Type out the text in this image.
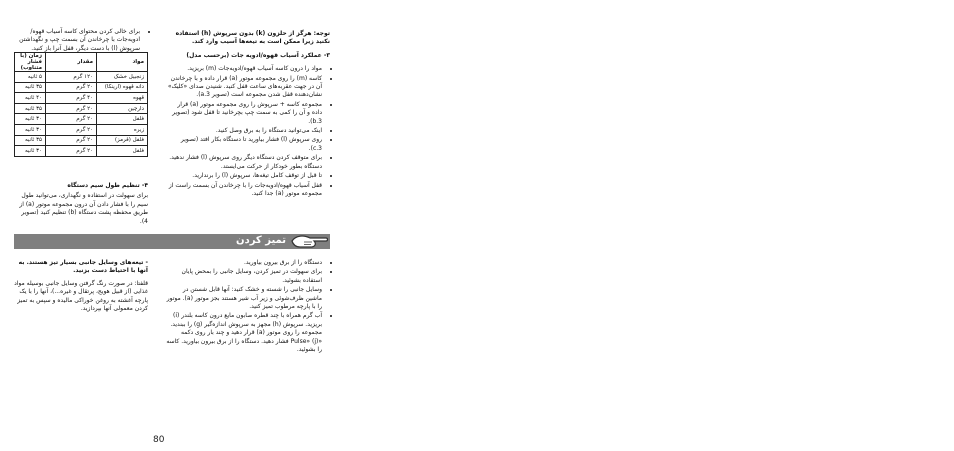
توجه: هرگز از حلزون (k) بدون سرپوش (h) استفاده نکنید زیرا ممکن است به تیغه‌ها آسیب وارد کند.

۳- عملکرد آسیاب قهوه/ادویه جات (برحسب مدل)

• مواد را درون کاسه آسیاب قهوه/ادویه‌جات (m) بریزید.
• کاسه (m) را روی مجموعه موتور (a) قرار داده و با چرخاندن آن در جهت عقربه‌های ساعت قفل کنید. شنیدن صدای «کلیک» نشان‌دهنده قفل شدن مجموعه است (تصویر 3.a).
• مجموعه کاسه + سرپوش را روی مجموعه موتور (a) قرار داده و آن را کمی به سمت چپ بچرخانید تا قفل شود (تصویر 3.b).
• اینک می‌توانید دستگاه را به برق وصل کنید.
• روی سرپوش (l) فشار بیاورید تا دستگاه بکار افتد (تصویر 3.c).
• برای متوقف کردن دستگاه دیگر روی سرپوش (l) فشار ندهید. دستگاه بطور خودکار از حرکت می‌ایستد.
• تا قبل از توقف کامل تیغه‌ها، سرپوش (l) را برندارید.
• قفل آسیاب قهوه/ادویه‌جات را با چرخاندن آن بسمت راست از مجموعه موتور (a) جدا کنید.
• برای خالی کردن محتوای کاسه آسیاب قهوه/ادویه‌جات با چرخاندن آن بسمت چپ و نگهداشتن سرپوش (l) با دست دیگر، قفل آنرا باز کنید.
مواد	مقدار	زمان (با فشار متناوب)
زنجبیل خشک	۱۲۰ گرم	۵ ثانیه
دانه قهوه (ارینکا)	۲۰ گرم	۳۵ ثانیه
قهوه	۴۰ گرم	۴۰ ثانیه
دارچین	۲۰ گرم	۳۵ ثانیه
فلفل	۲۰ گرم	۳۰ ثانیه
زیره	۲۰ گرم	۳۰ ثانیه
فلفل (قرمز)	۲۰ گرم	۳۵ ثانیه
فلفل	۲۰ گرم	۳۰ ثانیه

۴- تنظیم طول سیم دستگاه

برای سهولت در استفاده و نگهداری، می‌توانید طول سیم را با فشار دادن آن درون مجموعه موتور (a) از طریق محفظه پشت دستگاه (b) تنظیم کنید (تصویر 4).

تمیز کردن
• دستگاه را از برق بیرون بیاورید.
• برای سهولت در تمیز کردن، وسایل جانبی را بمحض پایان استفاده بشوئید.
• وسایل جانبی را شسته و خشک کنید: آنها قابل شستن در ماشین ظرف‌شوئی و زیر آب شیر هستند بجز موتور (a). موتور را با پارچه مرطوب تمیز کنید.
• آب گرم همراه با چند قطره صابون مایع درون کاسه بلندر (i) بریزید. سرپوش (h) مجهز به سرپوش اندازه‌گیر (g) را ببندید. مجموعه را روی موتور (a) قرار دهید و چند بار روی دکمه «Pulse» (j) فشار دهید. دستگاه را از برق بیرون بیاورید. کاسه را بشوئید.

- تیغه‌های وسایل جانبی بسیار تیز هستند. به آنها با احتیاط دست بزنید.

قلفتا: در صورت رنگ گرفتن وسایل جانبی بوسیله مواد غذایی (از قبیل هویج، پرتقال و غیره...)، آنها را با یک پارچه آغشته به روغن خوراکی مالیده و سپس به تمیز کردن معمولی آنها بپردازید.

80
